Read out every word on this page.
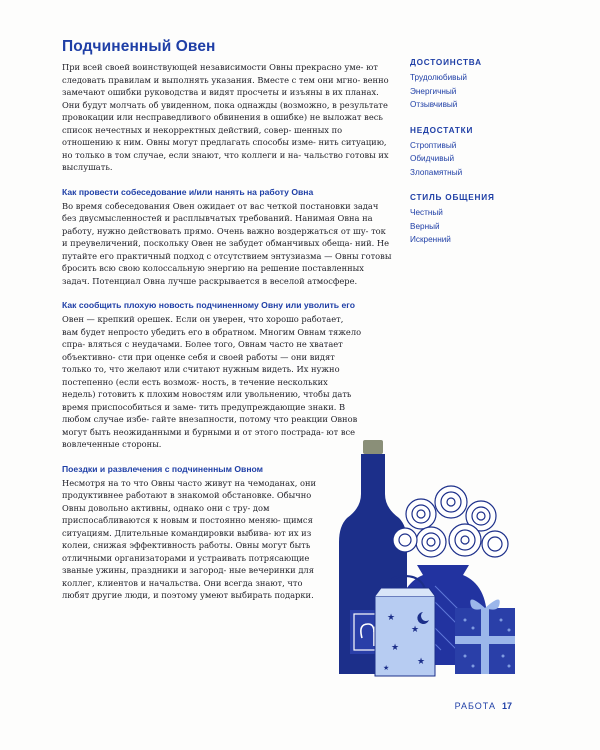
Подчиненный Овен

При всей своей воинствующей независимости Овны прекрасно уме- ют следовать правилам и выполнять указания. Вместе с тем они мгно- венно замечают ошибки руководства и видят просчеты и изъяны в их планах. Они будут молчать об увиденном, пока однажды (возможно, в результате провокации или несправедливого обвинения в ошибке) не выложат весь список нечестных и некорректных действий, совер- шенных по отношению к ним. Овны могут предлагать способы изме- нить ситуацию, но только в том случае, если знают, что коллеги и на- чальство готовы их выслушать.

Как провести собеседование и/или нанять на работу Овна

Во время собеседования Овен ожидает от вас четкой постановки задач без двусмысленностей и расплывчатых требований. Нанимая Овна на работу, нужно действовать прямо. Очень важно воздержаться от шу- ток и преувеличений, поскольку Овен не забудет обманчивых обеща- ний. Не путайте его практичный подход с отсутствием энтузиазма — Овны готовы бросить всю свою колоссальную энергию на решение поставленных задач. Потенциал Овна лучше раскрывается в веселой атмосфере.

Как сообщить плохую новость подчиненному Овну или уволить его

Овен — крепкий орешек. Если он уверен, что хорошо работает, вам будет непросто убедить его в обратном. Многим Овнам тяжело спра- вляться с неудачами. Более того, Овнам часто не хватает объективно- сти при оценке себя и своей работы — они видят только то, что желают или считают нужным видеть. Их нужно постепенно (если есть возмож- ность, в течение нескольких недель) готовить к плохим новостям или увольнению, чтобы дать время приспособиться и заме- тить предупреждающие знаки. В любом случае избе- гайте внезапности, потому что реакции Овнов могут быть неожиданными и бурными и от этого пострада- ют все вовлеченные стороны.

Поездки и развлечения с подчиненным Овном

Несмотря на то что Овны часто живут на чемоданах, они продуктивнее работают в знакомой обстановке. Обычно Овны довольно активны, однако они с тру- дом приспосабливаются к новым и постоянно меняю- щимся ситуациям. Длительные командировки выбива- ют их из колеи, снижая эффективность работы. Овны могут быть отличными организаторами и устраивать потрясающие званые ужины, праздники и загород- ные вечеринки для коллег, клиентов и начальства. Они всегда знают, что любят другие люди, и поэтому умеют выбирать подарки.

ДОСТОИНСТВА
Трудолюбивый
Энергичный
Отзывчивый
НЕДОСТАТКИ
Строптивый
Обидчивый
Злопамятный
СТИЛЬ ОБЩЕНИЯ
Честный
Верный
Искренний
★
★
★
★
★
РАБОТА 17
